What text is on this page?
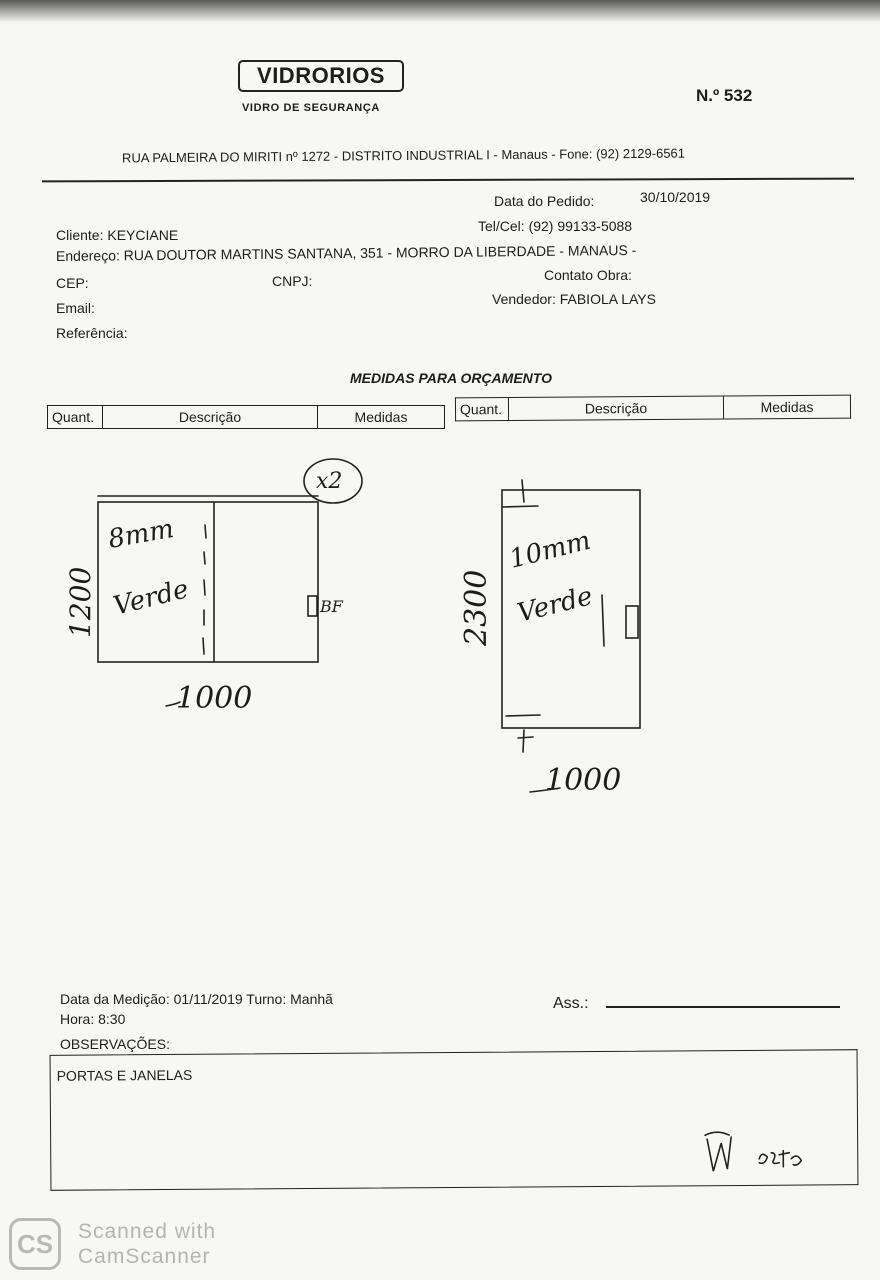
VIDRORIOS
VIDRO DE SEGURANÇA
N.º 532
RUA PALMEIRA DO MIRITI nº 1272 - DISTRITO INDUSTRIAL I - Manaus - Fone: (92) 2129-6561
Data do Pedido:	30/10/2019
Cliente: KEYCIANE
Tel/Cel: (92) 99133-5088
Endereço: RUA DOUTOR MARTINS SANTANA, 351 - MORRO DA LIBERDADE - MANAUS -
CEP:	CNPJ:	Contato Obra:
Email:
Vendedor: FABIOLA LAYS
Referência:
MEDIDAS PARA ORÇAMENTO
Quant.	Descrição	Medidas	Quant.	Descrição	Medidas
x2
8mm
Verde	BF
1200
1000
10mm
Verde
2300
1000
Data da Medição: 01/11/2019 Turno: Manhã
Hora: 8:30
Ass.:
OBSERVAÇÕES:
PORTAS E JANELAS
CS	Scanned with
CamScanner
